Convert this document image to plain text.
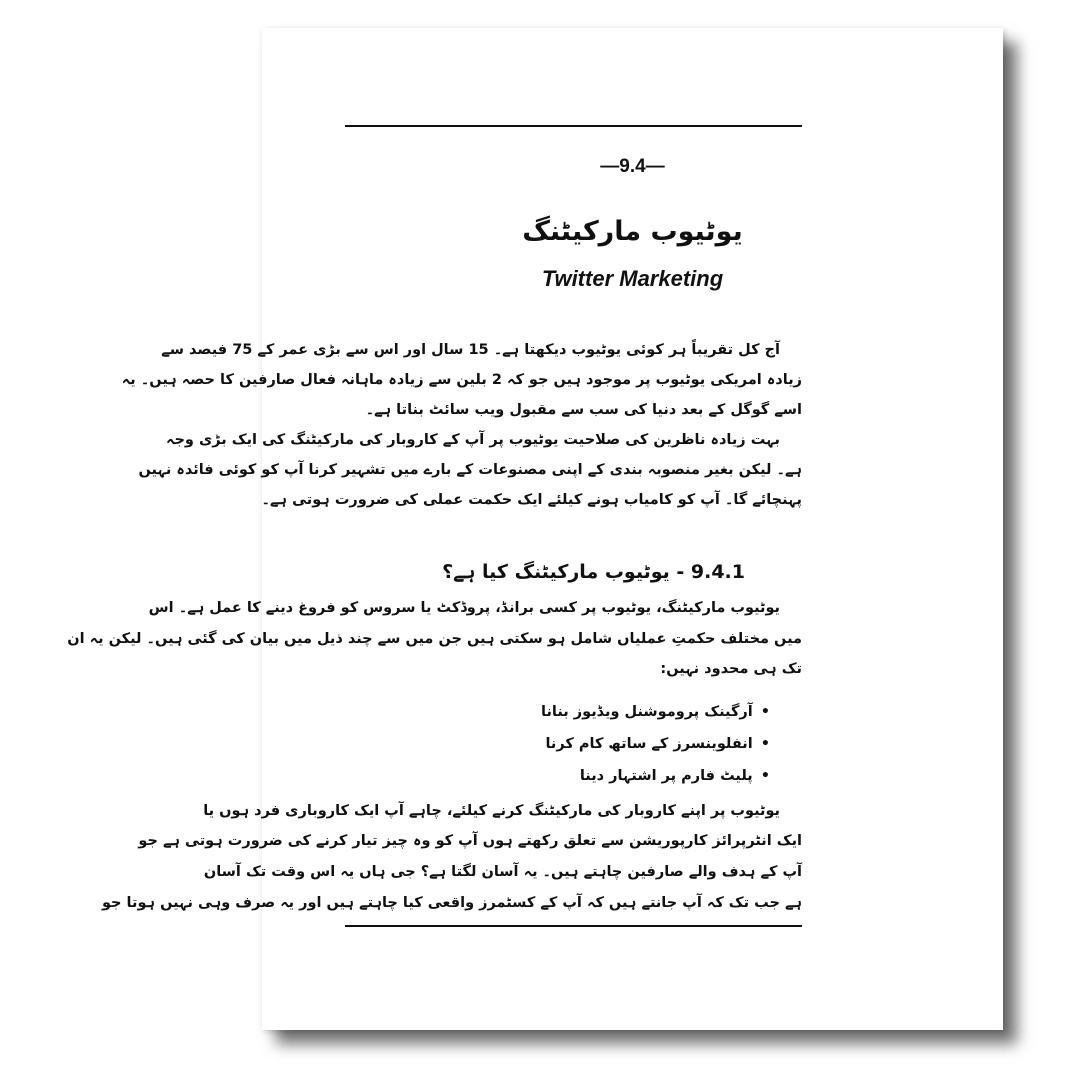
—9.4—
یوٹیوب مارکیٹنگ
Twitter Marketing
آج کل تقریباً ہر کوئی یوٹیوب دیکھتا ہے۔ 15 سال اور اس سے بڑی عمر کے 75 فیصد سے
زیادہ امریکی یوٹیوب پر موجود ہیں جو کہ 2 بلین سے زیادہ ماہانہ فعال صارفین کا حصہ ہیں۔ یہ
اسے گوگل کے بعد دنیا کی سب سے مقبول ویب سائٹ بناتا ہے۔
بہت زیادہ ناظرین کی صلاحیت یوٹیوب پر آپ کے کاروبار کی مارکیٹنگ کی ایک بڑی وجہ
ہے۔ لیکن بغیر منصوبہ بندی کے اپنی مصنوعات کے بارے میں تشہیر کرنا آپ کو کوئی فائدہ نہیں
پہنچائے گا۔ آپ کو کامیاب ہونے کیلئے ایک حکمت عملی کی ضرورت ہوتی ہے۔
9.4.1 - یوٹیوب مارکیٹنگ کیا ہے؟
یوٹیوب مارکیٹنگ، یوٹیوب پر کسی برانڈ، پروڈکٹ یا سروس کو فروغ دینے کا عمل ہے۔ اس
میں مختلف حکمتِ عملیاں شامل ہو سکتی ہیں جن میں سے چند ذیل میں بیان کی گئی ہیں۔ لیکن یہ ان
تک ہی محدود نہیں:
•آرگینک پروموشنل ویڈیوز بنانا
•انفلوینسرز کے ساتھ کام کرنا
•پلیٹ فارم پر اشتہار دینا
یوٹیوب پر اپنے کاروبار کی مارکیٹنگ کرنے کیلئے، چاہے آپ ایک کاروباری فرد ہوں یا
ایک انٹرپرائز کارپوریشن سے تعلق رکھتے ہوں آپ کو وہ چیز تیار کرنے کی ضرورت ہوتی ہے جو
آپ کے ہدف والے صارفین چاہتے ہیں۔ یہ آسان لگتا ہے؟ جی ہاں یہ اس وقت تک آسان
ہے جب تک کہ آپ جانتے ہیں کہ آپ کے کسٹمرز واقعی کیا چاہتے ہیں اور یہ صرف وہی نہیں ہوتا جو
